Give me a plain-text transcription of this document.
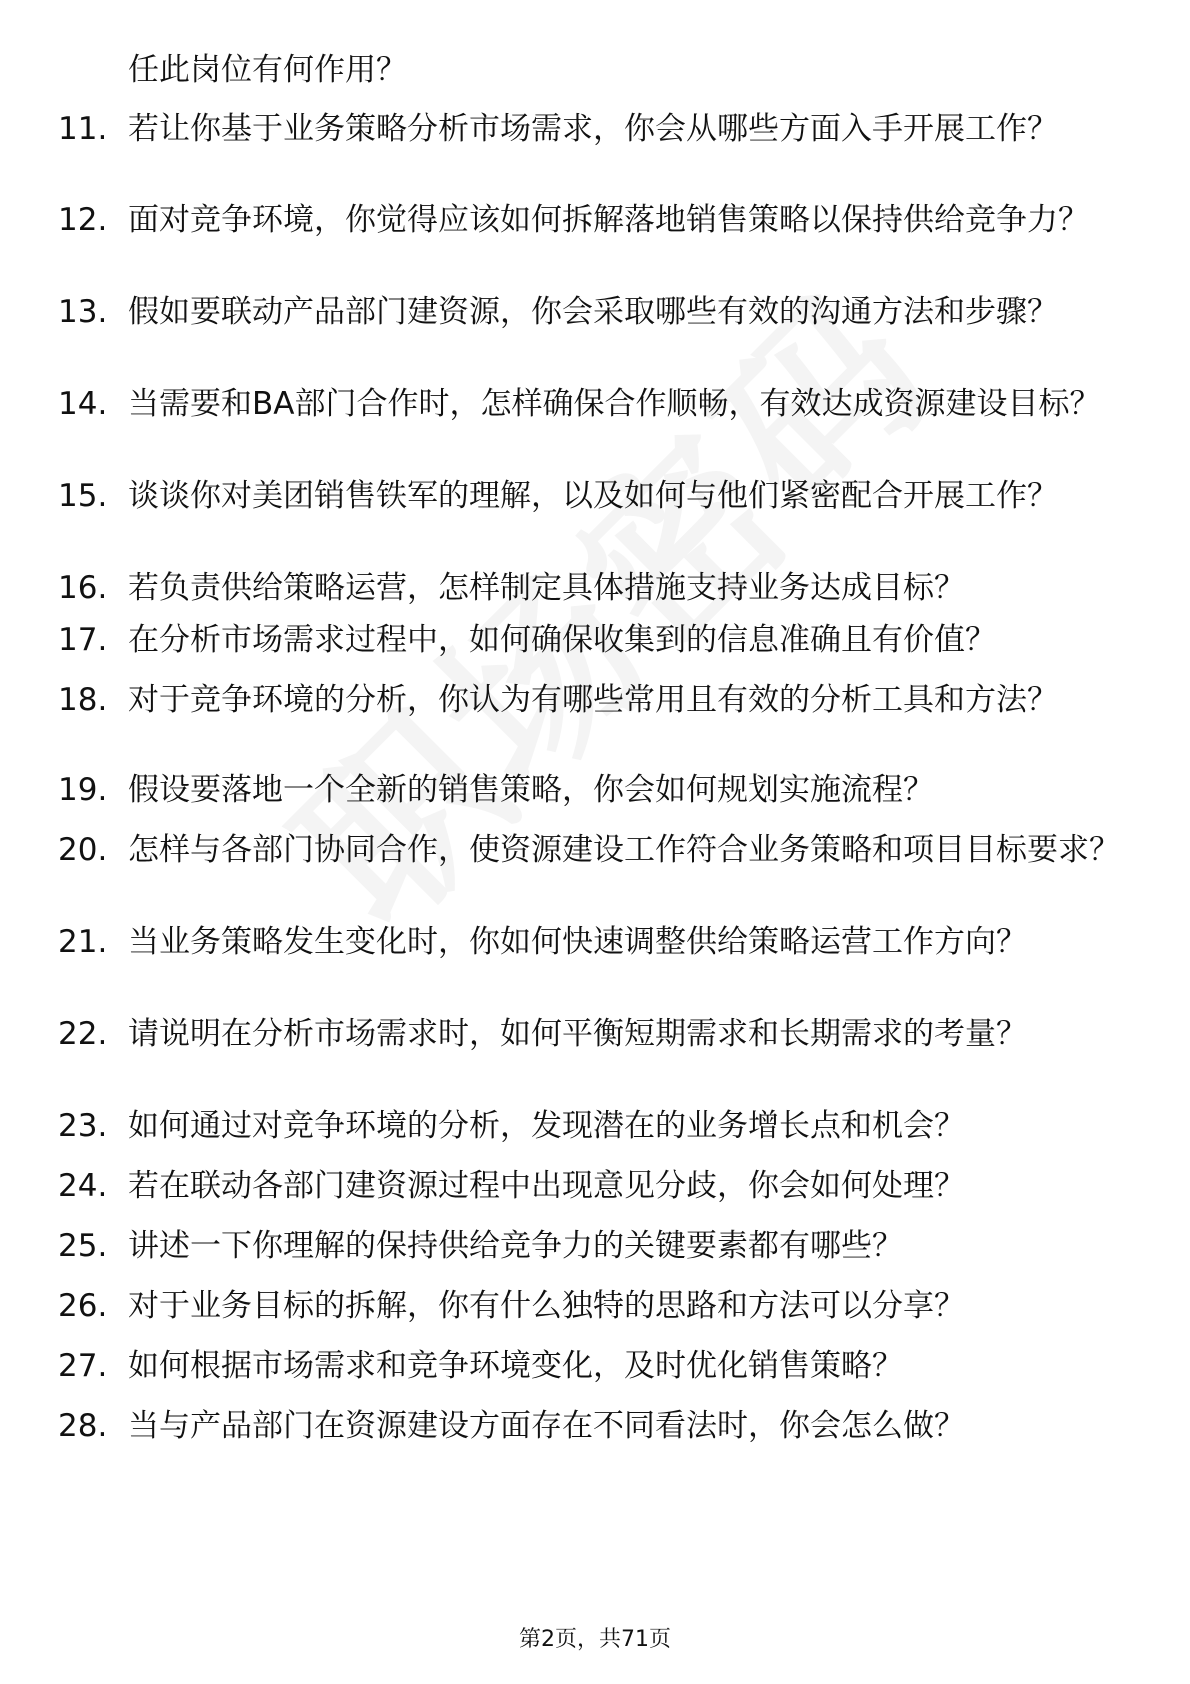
任此岗位有何作用？
11. 若让你基于业务策略分析市场需求，你会从哪些方面入手开展工作？
12. 面对竞争环境，你觉得应该如何拆解落地销售策略以保持供给竞争力？
13. 假如要联动产品部门建资源，你会采取哪些有效的沟通方法和步骤？
14. 当需要和BA部门合作时，怎样确保合作顺畅，有效达成资源建设目标？
15. 谈谈你对美团销售铁军的理解，以及如何与他们紧密配合开展工作？
16. 若负责供给策略运营，怎样制定具体措施支持业务达成目标？
17. 在分析市场需求过程中，如何确保收集到的信息准确且有价值？
18. 对于竞争环境的分析，你认为有哪些常用且有效的分析工具和方法？
19. 假设要落地一个全新的销售策略，你会如何规划实施流程？
20. 怎样与各部门协同合作，使资源建设工作符合业务策略和项目目标要求？
21. 当业务策略发生变化时，你如何快速调整供给策略运营工作方向？
22. 请说明在分析市场需求时，如何平衡短期需求和长期需求的考量？
23. 如何通过对竞争环境的分析，发现潜在的业务增长点和机会？
24. 若在联动各部门建资源过程中出现意见分歧，你会如何处理？
25. 讲述一下你理解的保持供给竞争力的关键要素都有哪些？
26. 对于业务目标的拆解，你有什么独特的思路和方法可以分享？
27. 如何根据市场需求和竞争环境变化，及时优化销售策略？
28. 当与产品部门在资源建设方面存在不同看法时，你会怎么做？
第2页，共71页
